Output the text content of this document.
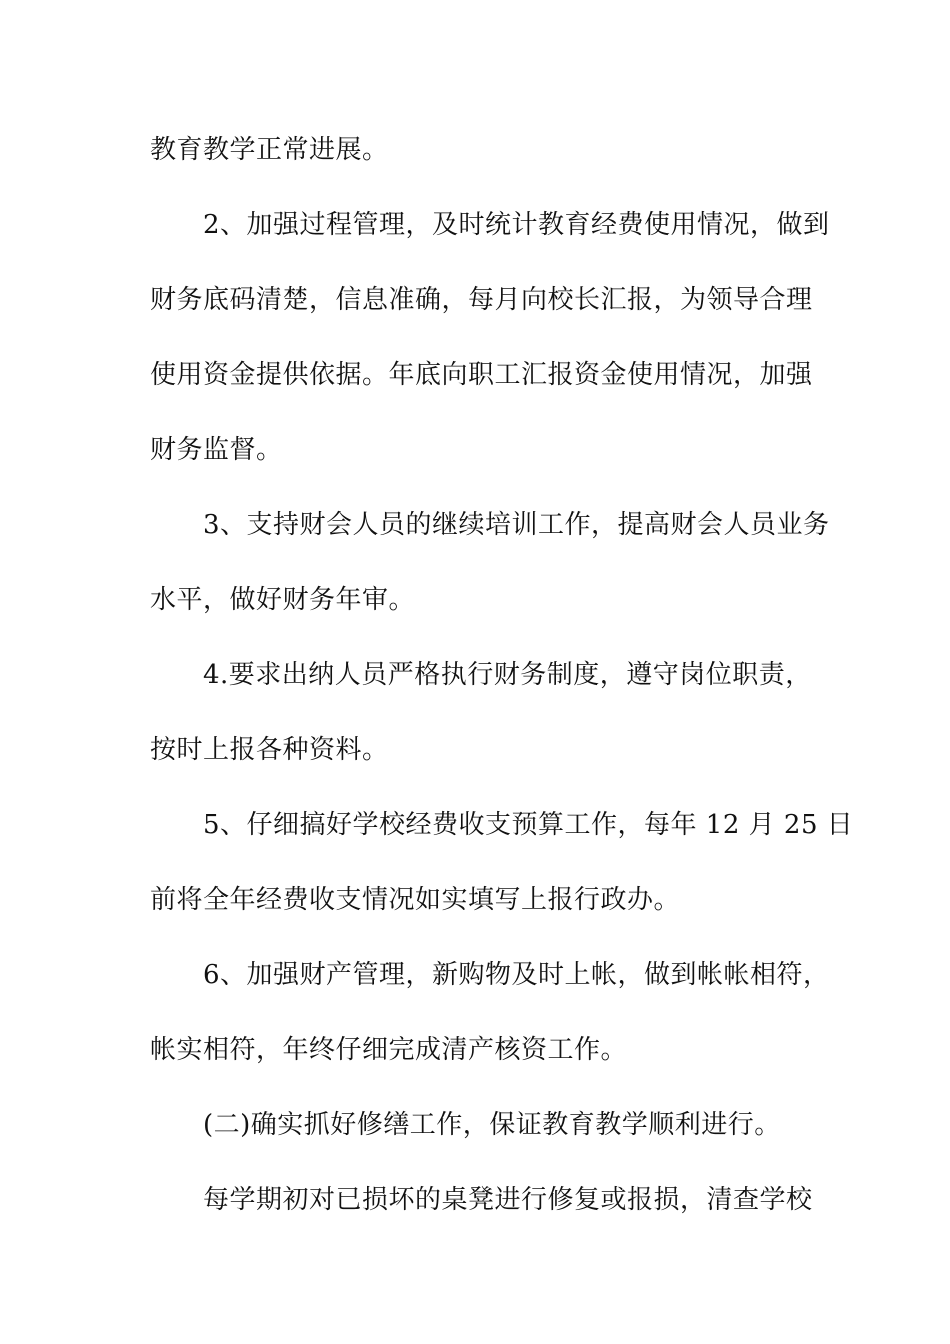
教育教学正常进展。
2、加强过程管理，及时统计教育经费使用情况，做到
财务底码清楚，信息准确，每月向校长汇报，为领导合理
使用资金提供依据。年底向职工汇报资金使用情况，加强
财务监督。
3、支持财会人员的继续培训工作，提高财会人员业务
水平，做好财务年审。
4.要求出纳人员严格执行财务制度，遵守岗位职责，
按时上报各种资料。
5、仔细搞好学校经费收支预算工作，每年 12 月 25 日
前将全年经费收支情况如实填写上报行政办。
6、加强财产管理，新购物及时上帐，做到帐帐相符，
帐实相符，年终仔细完成清产核资工作。
(二)确实抓好修缮工作，保证教育教学顺利进行。
每学期初对已损坏的桌凳进行修复或报损，清查学校
